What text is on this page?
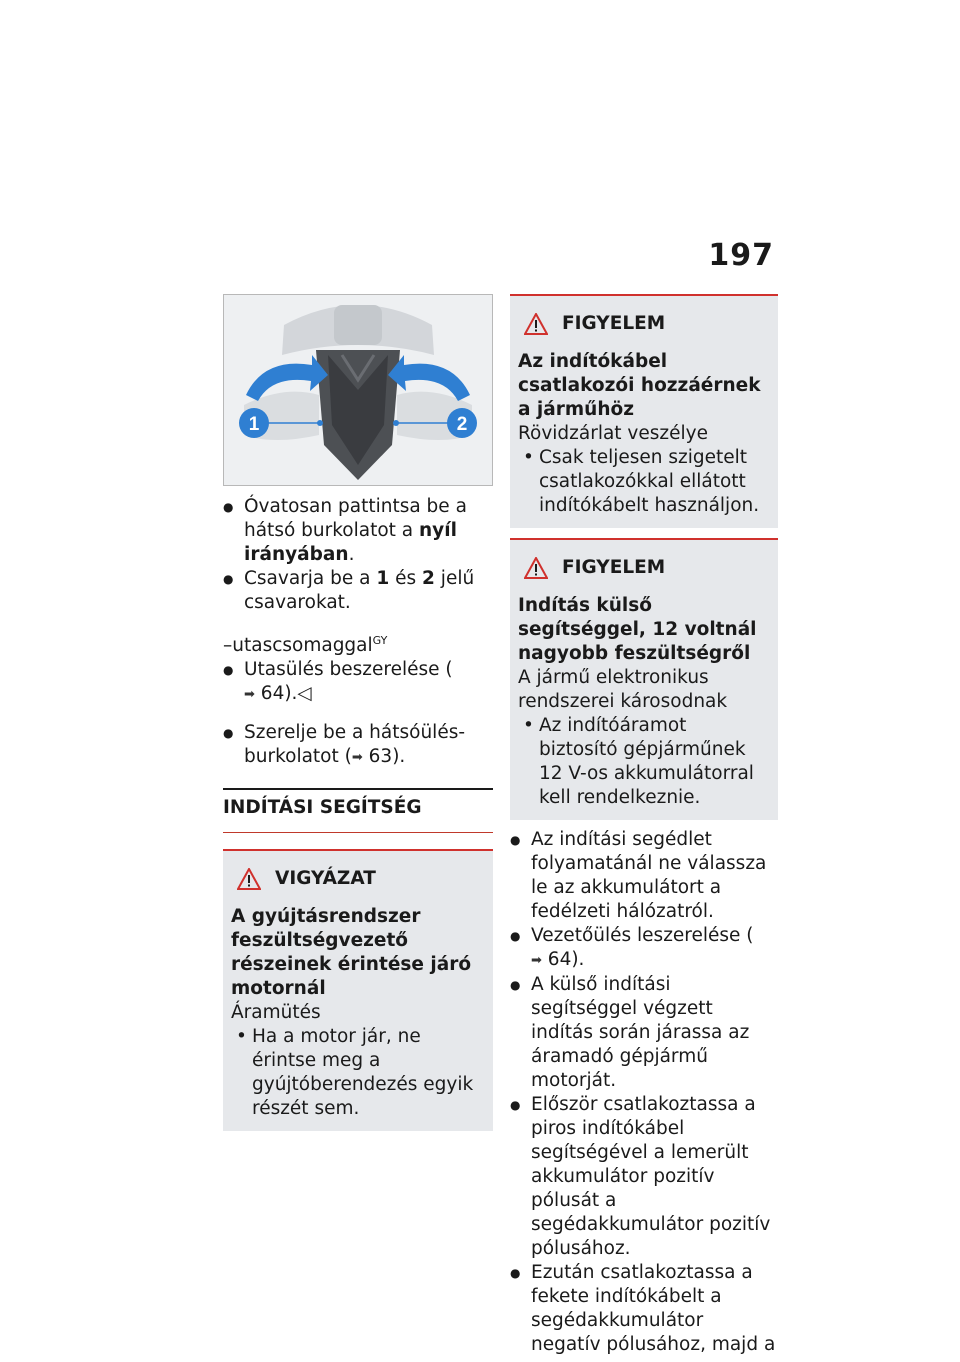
197
1	2

● Óvatosan pattintsa be a hátsó burkolatot a nyíl irányában.

● Csavarja be a 1 és 2 jelű csavarokat.

–utascsomaggal$^{GY}$

● Utasülés beszerelése (➡ 64).◁

● Szerelje be a hátsóülés-burkolatot (➡ 63).

INDÍTÁSI SEGÍTSÉG
VIGYÁZAT
A gyújtásrendszer feszültségvezető részeinek érintése járó motornál
Áramütés
• Ha a motor jár, ne érintse meg a gyújtóberendezés egyik részét sem.
FIGYELEM
Az indítókábel csatlakozói hozzáérnek a járműhöz
Rövidzárlat veszélye
• Csak teljesen szigetelt csatlakozókkal ellátott indítókábelt használjon.
FIGYELEM
Indítás külső segítséggel, 12 voltnál nagyobb feszültségről
A jármű elektronikus rendszerei károsodnak
• Az indítóáramot biztosító gépjárműnek 12 V-os akkumulátorral kell rendelkeznie.

● Az indítási segédlet folyamatánál ne válassza le az akkumulátort a fedélzeti hálózatról.

● Vezetőülés leszerelése (➡ 64).

● A külső indítási segítséggel végzett indítás során járassa az áramadó gépjármű motorját.

● Először csatlakoztassa a piros indítókábel segítségével a lemerült akkumulátor pozitív pólusát a segédakkumulátor pozitív pólusához.

● Ezután csatlakoztassa a fekete indítókábelt a segédakkumulátor negatív pólusához, majd a
